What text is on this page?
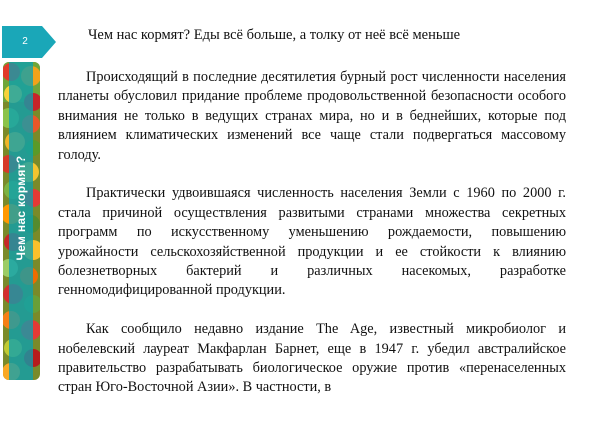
2
Чем нас кормят?
Чем нас кормят? Еды всё больше, а толку от неё всё меньше

Происходящий в последние десятилетия бурный рост численности населения планеты обусловил придание проблеме продовольственной безопасности особого внимания не только в ведущих странах мира, но и в беднейших, которые под влиянием климатических изменений все чаще стали подвергаться массовому голоду.

Практически удвоившаяся численность населения Земли с 1960 по 2000 г. стала причиной осуществления развитыми странами множества секретных программ по искусственному уменьшению рождаемости, повышению урожайности сельскохозяйственной продукции и ее стойкости к влиянию болезнетворных бактерий и различных насекомых, разработке генномодифицированной продукции.

Как сообщило недавно издание The Age, известный микробиолог и нобелевский лауреат Макфарлан Барнет, еще в 1947 г. убедил австралийское правительство разрабатывать биологическое оружие против «перенаселенных стран Юго-Восточной Азии». В частности, в
